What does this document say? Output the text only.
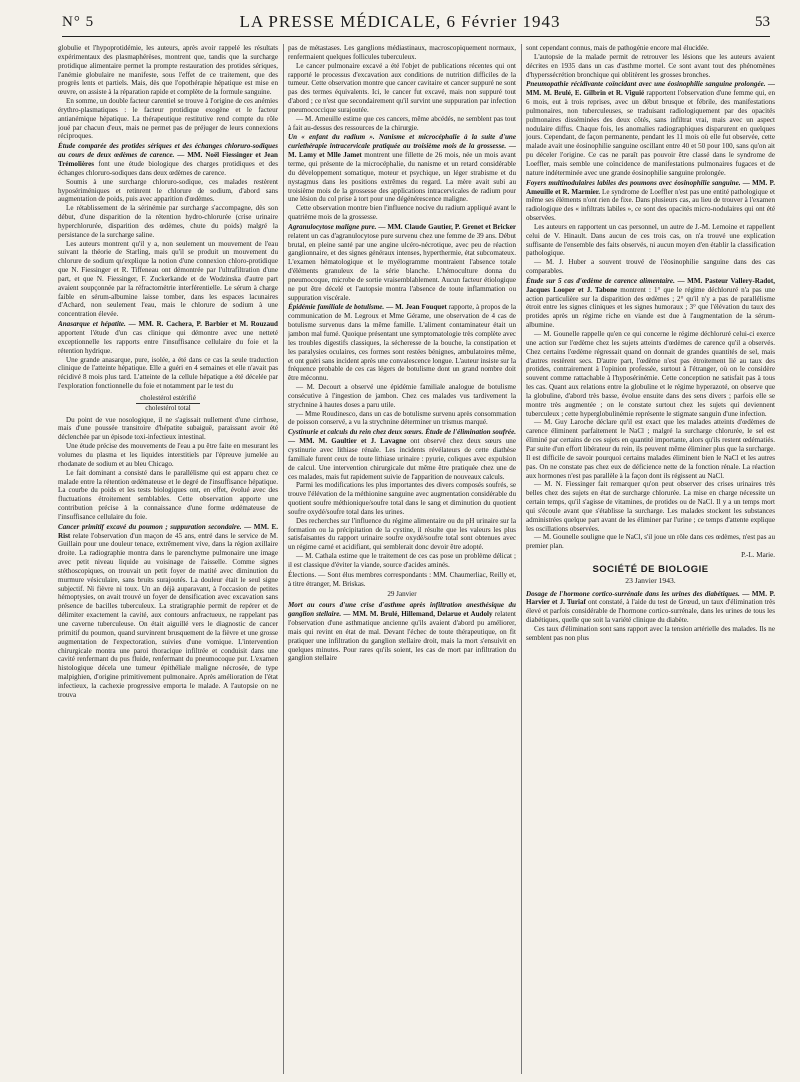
N° 5	LA PRESSE MÉDICALE, 6 Février 1943	53

globulie et l'hypoprotidémie, les auteurs, après avoir rappelé les résultats expérimentaux des plasmaphérèses, montrent que, tandis que la surcharge protidique alimentaire permet la prompte restauration des protides sériques, l'anémie globulaire ne manifeste, sous l'effet de ce traitement, que des progrès lents et partiels. Mais, dès que l'opothérapie hépatique est mise en œuvre, on assiste à la réparation rapide et complète de la formule sanguine.

En somme, un double facteur carentiel se trouve à l'origine de ces anémies érythro-plasmatiques : le facteur protidique exogène et le facteur antianémique hépatique. La thérapeutique restitutive rend compte du rôle joué par chacun d'eux, mais ne permet pas de préjuger de leurs connexions réciproques.

Étude comparée des protides sériques et des échanges chloruro-sodiques au cours de deux œdèmes de carence. — MM. Noël Fiessinger et Jean Trémolières font une étude biologique des charges protidiques et des échanges chloruro-sodiques dans deux œdèmes de carence.

Soumis à une surcharge chloruro-sodique, ces malades restèrent hyposériméniques et retinrent le chlorure de sodium, d'abord sans augmentation de poids, puis avec apparition d'œdèmes.

Le rétablissement de la sérinémie par surcharge s'accompagne, dès son début, d'une disparition de la rétention hydro-chlorurée (crise urinaire hyperchlorurée, disparition des œdèmes, chute du poids) malgré la persistance de la surcharge saline.

Les auteurs montrent qu'il y a, non seulement un mouvement de l'eau suivant la théorie de Starling, mais qu'il se produit un mouvement du chlorure de sodium qu'explique la notion d'une connexion chloro-protidique que N. Fiessinger et R. Tiffeneau ont démontrée par l'ultrafiltration d'une part, et que N. Fiessinger, F. Zuckerkande et de Wodzinska d'autre part avaient soupçonnée par la réfractométrie interférentielle. Le sérum à charge faible en sérum-albumine laisse tomber, dans les espaces lacunaires d'Achard, non seulement l'eau, mais le chlorure de sodium à une concentration élevée.

Anasarque et hépatite. — MM. R. Cachera, P. Barbier et M. Rouzaud apportent l'étude d'un cas clinique qui démontre avec une netteté exceptionnelle les rapports entre l'insuffisance cellulaire du foie et la rétention hydrique.

Une grande anasarque, pure, isolée, a été dans ce cas la seule traduction clinique de l'atteinte hépatique. Elle a guéri en 4 semaines et elle n'avait pas récidivé 8 mois plus tard. L'atteinte de la cellule hépatique a été décelée par l'exploration fonctionnelle du foie et notamment par le test du

cholestérol estérifié
cholestérol total

Du point de vue nosologique, il ne s'agissait nullement d'une cirrhose, mais d'une poussée transitoire d'hépatite subaiguë, paraissant avoir été déclenchée par un épisode toxi-infectieux intestinal.

Une étude précise des mouvements de l'eau a pu être faite en mesurant les volumes du plasma et les liquides interstitiels par l'épreuve jumelée au rhodanate de sodium et au bleu Chicago.

Le fait dominant a consisté dans le parallélisme qui est apparu chez ce malade entre la rétention œdémateuse et le degré de l'insuffisance hépatique. La courbe du poids et les tests biologiques ont, en effet, évolué avec des fluctuations étroitement semblables. Cette observation apporte une contribution précise à la connaissance d'une forme œdémateuse de l'insuffisance cellulaire du foie.

Cancer primitif excavé du poumon ; suppuration secondaire. — MM. E. Rist relate l'observation d'un maçon de 45 ans, entré dans le service de M. Guillain pour une douleur tenace, extrêmement vive, dans la région axillaire droite. La radiographie montra dans le parenchyme pulmonaire une image avec petit niveau liquide au voisinage de l'aisselle. Comme signes stéthoscopiques, on trouvait un petit foyer de matité avec diminution du murmure vésiculaire, sans bruits surajoutés. La douleur était le seul signe subjectif. Ni fièvre ni toux. Un an déjà auparavant, à l'occasion de petites hémoptysies, on avait trouvé un foyer de densification avec excavation sans présence de bacilles tuberculeux. La stratigraphie permit de repérer et de délimiter exactement la cavité, aux contours anfractueux, ne rappelant pas une caverne tuberculeuse. On était aiguillé vers le diagnostic de cancer primitif du poumon, quand survinrent brusquement de la fièvre et une grosse augmentation de l'expectoration, suivies d'une vomique. L'intervention chirurgicale montra une paroi thoracique infiltrée et conduisit dans une cavité renfermant du pus fluide, renfermant du pneumocoque pur. L'examen histologique décela une tumeur épithéliale maligne nécrosée, de type malpighien, d'origine primitivement pulmonaire. Après amélioration de l'état infectieux, la cachexie progressive emporta le malade. A l'autopsie on ne trouva

pas de métastases. Les ganglions médiastinaux, macroscopiquement normaux, renfermaient quelques follicules tuberculeux.

Le cancer pulmonaire excavé a été l'objet de publications récentes qui ont rapporté le processus d'excavation aux conditions de nutrition difficiles de la tumeur. Cette observation montre que cancer cavitaire et cancer suppuré ne sont pas des termes équivalents. Ici, le cancer fut excavé, mais non suppuré tout d'abord ; ce n'est que secondairement qu'il survint une suppuration par infection pneumococcique surajoutée.

— M. Ameuille estime que ces cancers, même abcédés, ne semblent pas tout à fait au-dessus des ressources de la chirurgie.

Un « enfant du radium ». Nanisme et microcéphalie à la suite d'une curiethérapie intracervicale pratiquée au troisième mois de la grossesse. — M. Lamy et Mlle Jamet montrent une fillette de 26 mois, née un mois avant terme, qui présente de la microcéphalie, du nanisme et un retard considérable du développement somatique, moteur et psychique, un léger strabisme et du nystagmus dans les positions extrêmes du regard. La mère avait subi au troisième mois de la grossesse des applications intracervicales de radium pour une lésion du col prise à tort pour une dégénérescence maligne.

Cette observation montre bien l'influence nocive du radium appliqué avant le quatrième mois de la grossesse.

Agranulocytose maligne pure. — MM. Claude Gautier, P. Grenet et Bricker relatent un cas d'agranulocytose pure survenu chez une femme de 39 ans. Début brutal, en pleine santé par une angine ulcéro-nécrotique, avec peu de réaction ganglionnaire, et des signes généraux intenses, hyperthermie, état subcomateux. L'examen hématologique et le myélogramme montraient l'absence totale d'éléments granuleux de la série blanche. L'hémoculture donna du pneumocoque, microbe de sortie vraisemblablement. Aucun facteur étiologique ne put être décelé et l'autopsie montra l'absence de toute inflammation ou suppuration viscérale.

Épidémie familiale de botulisme. — M. Jean Fouquet rapporte, à propos de la communication de M. Legroux et Mme Gérame, une observation de 4 cas de botulisme survenus dans la même famille. L'aliment contaminateur était un jambon mal fumé. Quoique présentant une symptomatologie très complète avec les troubles digestifs classiques, la sécheresse de la bouche, la constipation et les paralysies oculaires, ces formes sont restées bénignes, ambulatoires même, et ont guéri sans incident après une convalescence longue. L'auteur insiste sur la fréquence probable de ces cas légers de botulisme dont un grand nombre doit être méconnu.

— M. Decourt a observé une épidémie familiale analogue de botulisme consécutive à l'ingestion de jambon. Chez ces malades vus tardivement la strychnine à hautes doses a paru utile.

— Mme Roudinesco, dans un cas de botulisme survenu après consommation de poisson conservé, a vu la strychnine déterminer un trismus marqué.

Cystinurie et calculs du rein chez deux sœurs. Étude de l'élimination soufrée. — MM. M. Gaultier et J. Lavagne ont observé chez deux sœurs une cystinurie avec lithiase rénale. Les incidents révélateurs de cette diathèse familiale furent ceux de toute lithiase urinaire : pyurie, coliques avec expulsion de calcul. Une intervention chirurgicale dut même être pratiquée chez une de ces malades, mais fut rapidement suivie de l'apparition de nouveaux calculs.

Parmi les modifications les plus importantes des divers composés soufrés, se trouve l'élévation de la méthionine sanguine avec augmentation considérable du quotient soufre méthionique/soufre total dans le sang et diminution du quotient soufre oxydé/soufre total dans les urines.

Des recherches sur l'influence du régime alimentaire ou du pH urinaire sur la formation ou la précipitation de la cystine, il résulte que les valeurs les plus satisfaisantes du rapport urinaire soufre oxydé/soufre total sont obtenues avec un régime carné et acidifiant, qui semblerait donc devoir être adopté.

— M. Cathala estime que le traitement de ces cas pose un problème délicat ; il est classique d'éviter la viande, source d'acides aminés.

Élections. — Sont élus membres correspondants : MM. Chaumerliac, Reilly et, à titre étranger, M. Briskas.

29 Janvier

Mort au cours d'une crise d'asthme après infiltration anesthésique du ganglion stellaire. — MM. M. Brulé, Hillemand, Delarue et Audoly relatent l'observation d'une asthmatique ancienne qu'ils avaient d'abord pu améliorer, mais qui revint en état de mal. Devant l'échec de toute thérapeutique, on fit pratiquer une infiltration du ganglion stellaire droit, mais la mort s'ensuivit en quelques minutes. Pour rares qu'ils soient, les cas de mort par infiltration du ganglion stellaire

sont cependant connus, mais de pathogénie encore mal élucidée.

L'autopsie de la malade permit de retrouver les lésions que les auteurs avaient décrites en 1935 dans un cas d'asthme mortel. Ce sont avant tout des phénomènes d'hyperssécrétion bronchique qui oblitèrent les grosses bronches.

Pneumopathie récidivante coïncidant avec une éosinophilie sanguine prolongée. — MM. M. Brulé, E. Gilbrin et R. Viguié rapportent l'observation d'une femme qui, en 6 mois, eut à trois reprises, avec un début brusque et fébrile, des manifestations pulmonaires, non tuberculeuses, se traduisant radiologiquement par des opacités pulmonaires disséminées des deux côtés, sans infiltrat vrai, mais avec un aspect nodulaire diffus. Chaque fois, les anomalies radiographiques disparurent en quelques jours. Cependant, de façon permanente, pendant les 11 mois où elle fut observée, cette malade avait une éosinophilie sanguine oscillant entre 40 et 50 pour 100, sans qu'on ait pu déceler l'origine. Ce cas ne paraît pas pouvoir être classé dans le syndrome de Loeffler, mais semble une coïncidence de manifestations pulmonaires fugaces et de nature indéterminée avec une grande éosinophilie sanguine prolongée.

Foyers multinodulaires labiles des poumons avec éosinophilie sanguine. — MM. P. Ameuille et R. Marmier. Le syndrome de Loeffler n'est pas une entité pathologique et même ses éléments n'ont rien de fixe. Dans plusieurs cas, au lieu de trouver à l'examen radiologique des « infiltrats labiles », ce sont des opacités micro-nodulaires qui ont été observées.

Les auteurs en rapportent un cas personnel, un autre de J.-M. Lemoine et rappellent celui de V. Hinault. Dans aucun de ces trois cas, on n'a trouvé une explication suffisante de l'ensemble des faits observés, ni aucun moyen d'en établir la classification pathologique.

— M. J. Huber a souvent trouvé de l'éosinophilie sanguine dans des cas comparables.

Étude sur 5 cas d'œdème de carence alimentaire. — MM. Pasteur Vallery-Radot, Jacques Looper et J. Tabone montrent : 1° que le régime déchloruré n'a pas une action particulière sur la disparition des œdèmes ; 2° qu'il n'y a pas de parallélisme étroit entre les signes cliniques et les signes humoraux ; 3° que l'élévation du taux des protides après un régime riche en viande est due à l'augmentation de la sérum-albumine.

— M. Gounelle rappelle qu'en ce qui concerne le régime déchloruré celui-ci exerce une action sur l'œdème chez les sujets atteints d'œdèmes de carence qu'il a observés. Chez certains l'œdème régressait quand on donnait de grandes quantités de sel, mais d'autres restèrent secs. D'autre part, l'œdème n'est pas étroitement lié au taux des protides, contrairement à l'opinion professée, surtout à l'étranger, où on le considère souvent comme rattachable à l'hyposérinémie. Cette conception ne satisfait pas à tous les cas. Quant aux relations entre la globuline et le régime hyperazoté, on observe que la globuline, d'abord très basse, évolue ensuite dans des sens divers ; parfois elle se montre très augmentée ; on le constate surtout chez les sujets qui deviennent tuberculeux ; cette hyperglobulinémie représente le stigmate sanguin d'une infection.

— M. Guy Laroche déclare qu'il est exact que les malades atteints d'œdèmes de carence éliminent parfaitement le NaCl ; malgré la surcharge chlorurée, le sel est éliminé par certains de ces sujets en quantité importante, alors qu'ils restent œdématiés. Par suite d'un effort libérateur du rein, ils peuvent même éliminer plus que la surcharge. Il est difficile de savoir pourquoi certains malades éliminent bien le NaCl et les autres pas. On ne constate pas chez eux de déficience nette de la fonction rénale. La réaction aux hormones n'est pas parallèle à la façon dont ils régissent au NaCl.

— M. N. Fiessinger fait remarquer qu'on peut observer des crises urinaires très belles chez des sujets en état de surcharge chlorurée. La mise en charge nécessite un certain temps, qu'il s'agisse de vitamines, de protides ou de NaCl. Il y a un temps mort qui s'écoule avant que s'établisse la surcharge. Les malades stockent les substances administrées quelque part avant de les éliminer par l'urine ; ce temps d'attente explique les oscillations observées.

— M. Gounelle souligne que le NaCl, s'il joue un rôle dans ces œdèmes, n'est pas au premier plan.

P.-L. Marie.

SOCIÉTÉ DE BIOLOGIE
23 Janvier 1943.

Dosage de l'hormone cortico-surrénale dans les urines des diabétiques. — MM. P. Harvier et J. Turiaf ont constaté, à l'aide du test de Grœud, un taux d'élimination très élevé et parfois considérable de l'hormone cortico-surrénale, dans les urines de tous les diabétiques, quelle que soit la variété clinique du diabète.

Ces taux d'élimination sont sans rapport avec la tension artérielle des malades. Ils ne semblent pas non plus
